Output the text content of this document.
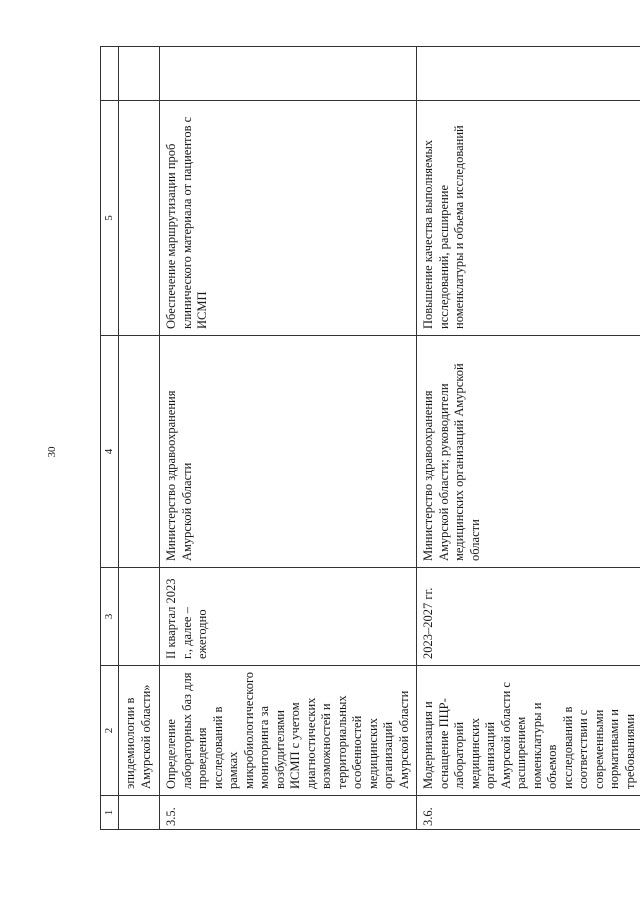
30
1	2	3	4	5	
	эпидемиологии в Амурской области»				
3.5.	Определение лабораторных баз для проведения исследований в рамках микробиологического мониторинга за возбудителями ИСМП с учетом диагностических возможностей и территориальных особенностей медицинских организаций Амурской области	II квартал 2023 г., далее – ежегодно	Министерство здравоохранения Амурской области	Обеспечение маршрутизации проб клинического материала от пациентов с ИСМП	
3.6.	Модернизация и оснащение ПЦР-лабораторий медицинских организаций Амурской области с расширением номенклатуры и объемов исследований в соответствии с современными нормативами и требованиями	2023–2027 гг.	Министерство здравоохранения Амурской области; руководители медицинских организаций Амурской области	Повышение качества выполняемых исследований, расширение номенклатуры и объема исследований	
